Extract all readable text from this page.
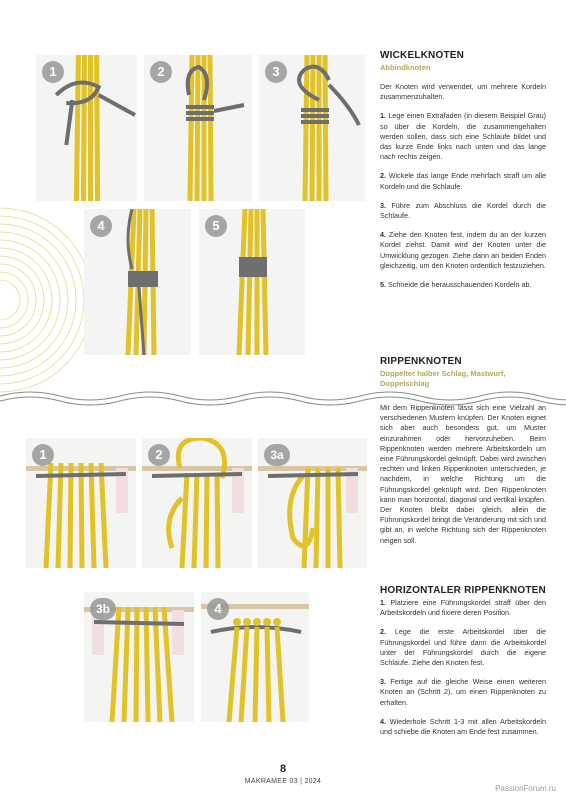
1	2	3
4	5
1	2	3a
3b	4
WICKELKNOTEN
Abbindknoten
Der Knoten wird verwendet, um mehrere Kordeln zusammenzuhalten.
1. Lege einen Extrafaden (in diesem Beispiel Grau) so über die Kordeln, die zusammengehalten werden sollen, dass sich eine Schlaufe bildet und das kurze Ende links nach unten und das lange nach rechts zeigen.
2. Wickele das lange Ende mehrfach straff um alle Kordeln und die Schlaufe.
3. Führe zum Abschluss die Kordel durch die Schlaufe.
4. Ziehe den Knoten fest, indem du an der kurzen Kordel ziehst. Damit wird der Knoten unter die Umwicklung gezogen. Ziehe dann an beiden Enden gleichzeitig, um den Knoten ordentlich festzuziehen.
5. Schneide die herausschauenden Kordeln ab.
RIPPENKNOTEN
Doppelter halber Schlag, Mastwurf, Doppelschlag
Mit dem Rippenknoten lässt sich eine Vielzahl an verschiedenen Mustern knüpfen. Der Knoten eignet sich aber auch besonders gut, um Muster einzurahmen oder hervorzuheben. Beim Rippenknoten werden mehrere Arbeitskordeln um eine Führungskordel geknüpft. Dabei wird zwischen rechten und linken Rippenknoten unterschieden, je nachdem, in welche Richtung um die Führungskordel geknüpft wird. Den Rippenknoten kann man horizontal, diagonal und vertikal knüpfen. Der Knoten bleibt dabei gleich, allein die Führungskordel bringt die Veränderung mit sich und gibt an, in welche Richtung sich der Rippenknoten neigen soll.
HORIZONTALER RIPPENKNOTEN
1. Platziere eine Führungskordel straff über den Arbeitskordeln und fixiere deren Position.
2. Lege die erste Arbeitskordel über die Führungskordel und führe dann die Arbeitskordel unter der Führungskordel durch die eigene Schlaufe. Ziehe den Knoten fest.
3. Fertige auf die gleiche Weise einen weiteren Knoten an (Schritt 2), um einen Rippenknoten zu erhalten.
4. Wiederhole Schritt 1-3 mit allen Arbeitskordeln und schiebe die Knoten am Ende fest zusammen.
8
MAKRAMEE 03 | 2024
PassionForum.ru
